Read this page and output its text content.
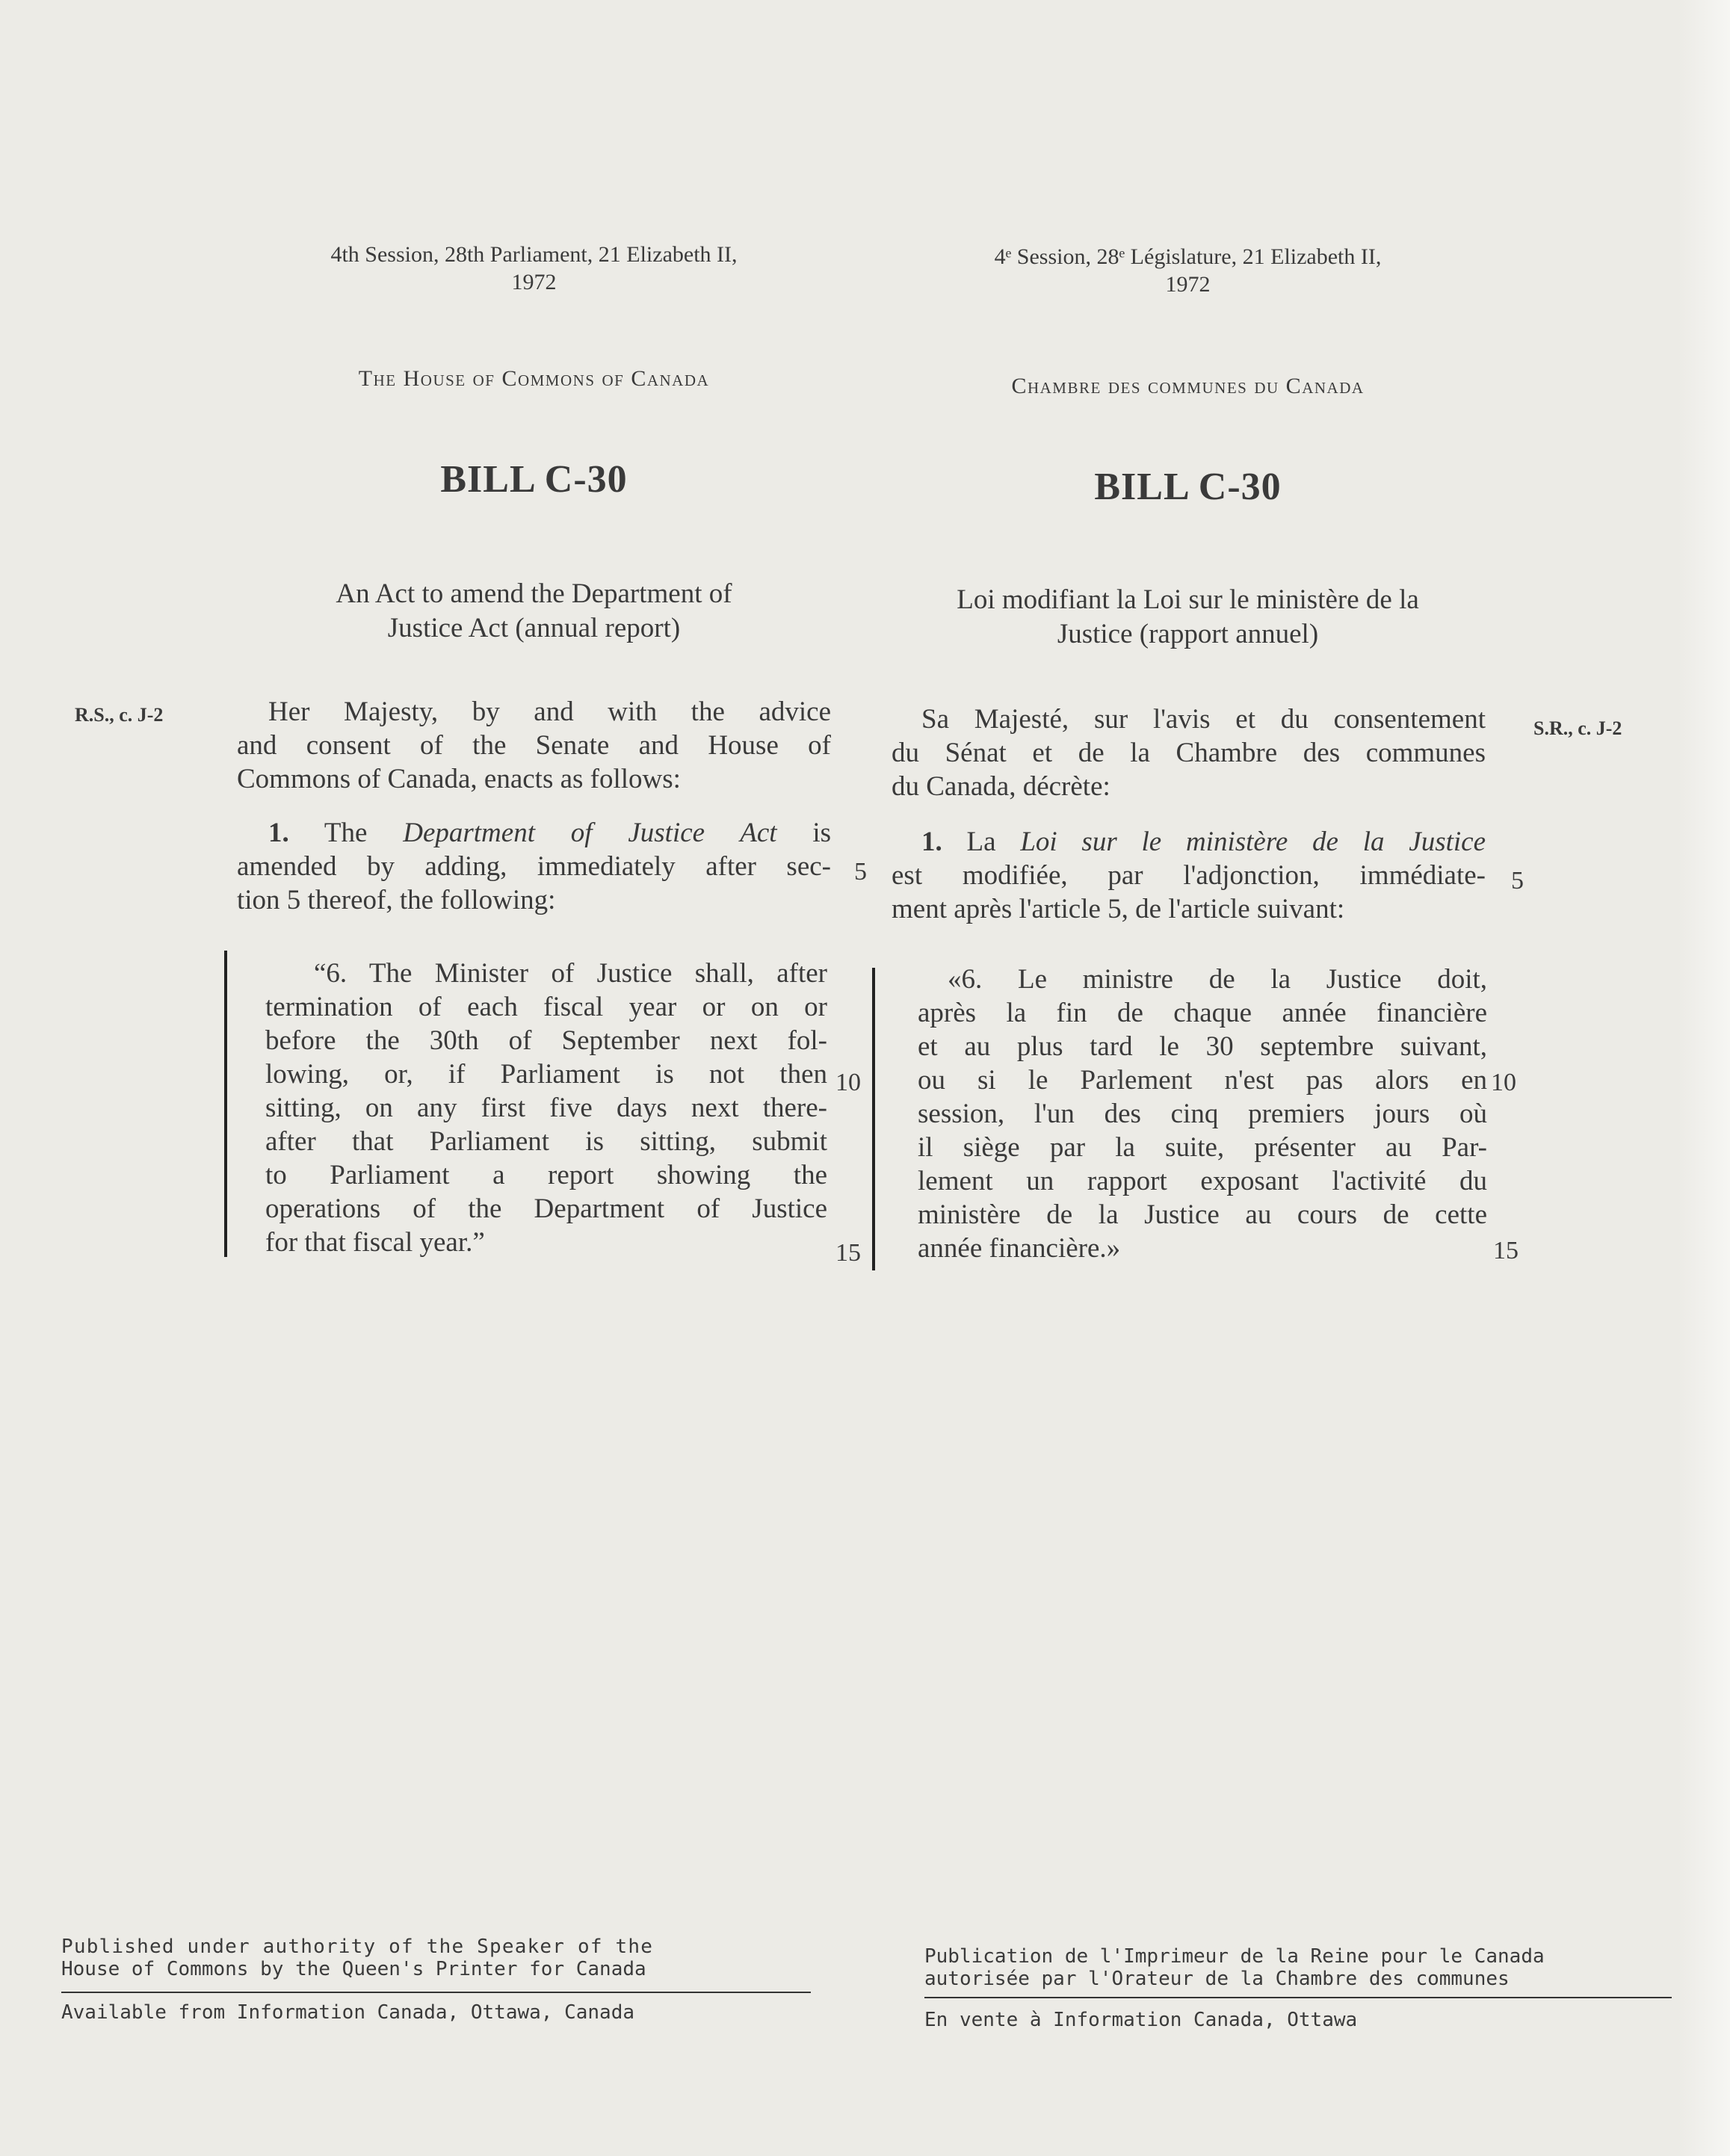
4th Session, 28th Parliament, 21 Elizabeth II,
1972
The House of Commons of Canada
BILL C-30
An Act to amend the Department of
Justice Act (annual report)
R.S., c. J-2	Her Majesty, by and with the advice
and consent of the Senate and House of
Commons of Canada, enacts as follows:
1. The Department of Justice Act is
amended by adding, immediately after sec-
tion 5 thereof, the following:
“6. The Minister of Justice shall, after
termination of each fiscal year or on or
before the 30th of September next fol-
lowing, or, if Parliament is not then
sitting, on any first five days next there-
after that Parliament is sitting, submit
to Parliament a report showing the
operations of the Department of Justice
for that fiscal year.”
5
10
15
Published under authority of the Speaker of the
House of Commons by the Queen's Printer for Canada
Available from Information Canada, Ottawa, Canada
4ᵉ Session, 28ᵉ Législature, 21 Elizabeth II,
1972
Chambre des communes du Canada
BILL C-30
Loi modifiant la Loi sur le ministère de la
Justice (rapport annuel)
S.R., c. J-2
Sa Majesté, sur l'avis et du consentement
du Sénat et de la Chambre des communes
du Canada, décrète:
1. La Loi sur le ministère de la Justice
est modifiée, par l'adjonction, immédiate-
ment après l'article 5, de l'article suivant:
«6. Le ministre de la Justice doit,
après la fin de chaque année financière
et au plus tard le 30 septembre suivant,
ou si le Parlement n'est pas alors en
session, l'un des cinq premiers jours où
il siège par la suite, présenter au Par-
lement un rapport exposant l'activité du
ministère de la Justice au cours de cette
année financière.»
5
10
15
Publication de l'Imprimeur de la Reine pour le Canada
autorisée par l'Orateur de la Chambre des communes
En vente à Information Canada, Ottawa
